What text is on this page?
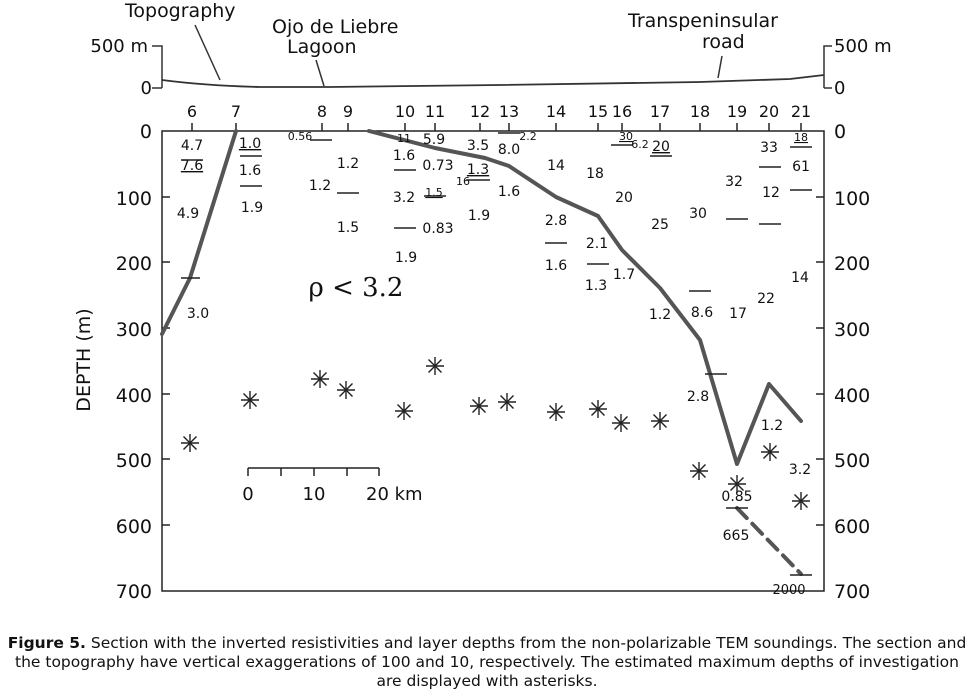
Topography
Ojo de Liebre
Lagoon
Transpeninsular
road
500 m
0
500 m
0
0
100
200
300
400
500
600
700
DEPTH (m)
0
100
200
300
400
500
600
700
6 7	8 9	10 11 12 13 14 15 16 17 18 19 20 21
4.7
7.6
4.9
3.0
1.0
1.6
1.9
0.56
1.2
1.2
1.5
11
1.6
3.2
1.9
5.9
0.73
1.5
0.83
3.5
1.3
16
1.9
2.2
8.0
1.6
14
2.8
1.6
18
2.1
1.3
30
6.2
20
1.7
20
25
1.2
30
8.6
2.8
0.85
665
32
17
33
12
22
1.2
3.2
18
61
14
2000
ρ < 3.2
0	10 20 km
Figure 5. Section with the inverted resistivities and layer depths from the non-polarizable TEM soundings. The section and the topography have vertical exaggerations of 100 and 10, respectively. The estimated maximum depths of investigation are displayed with asterisks.
